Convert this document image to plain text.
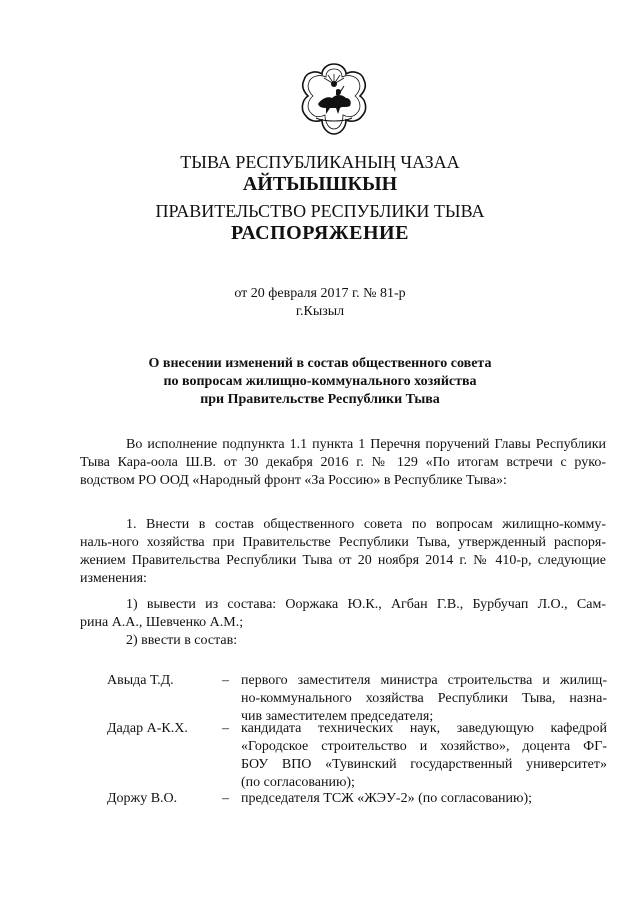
ТЫВА РЕСПУБЛИКАНЫҢ ЧАЗАА
АЙТЫЫШКЫН
ПРАВИТЕЛЬСТВО РЕСПУБЛИКИ ТЫВА
РАСПОРЯЖЕНИЕ
от 20 февраля 2017 г. № 81-р
г.Кызыл
О внесении изменений в состав общественного совета
по вопросам жилищно-коммунального хозяйства
при Правительстве Республики Тыва
Во исполнение подпункта 1.1 пункта 1 Перечня поручений Главы Республики
Тыва Кара-оола Ш.В. от 30 декабря 2016 г. № 129 «По итогам встречи с руко-
водством РО ООД «Народный фронт «За Россию» в Республике Тыва»:
1. Внести в состав общественного совета по вопросам жилищно-комму-
наль-ного хозяйства при Правительстве Республики Тыва, утвержденный распоря-
жением Правительства Республики Тыва от 20 ноября 2014 г. № 410-р, следующие
изменения:
1) вывести из состава: Ооржака Ю.К., Агбан Г.В., Бурбучап Л.О., Сам-
рина А.А., Шевченко А.М.;
2) ввести в состав:
Авыда Т.Д.	– первого заместителя министра строительства и жилищ-
но-коммунального хозяйства Республики Тыва, назна-
чив заместителем председателя;
Дадар А-К.Х. – кандидата технических наук, заведующую кафедрой
«Городское строительство и хозяйство», доцента ФГ-
БОУ ВПО «Тувинский государственный университет»
(по согласованию);
Доржу В.О.	– председателя ТСЖ «ЖЭУ-2» (по согласованию);
